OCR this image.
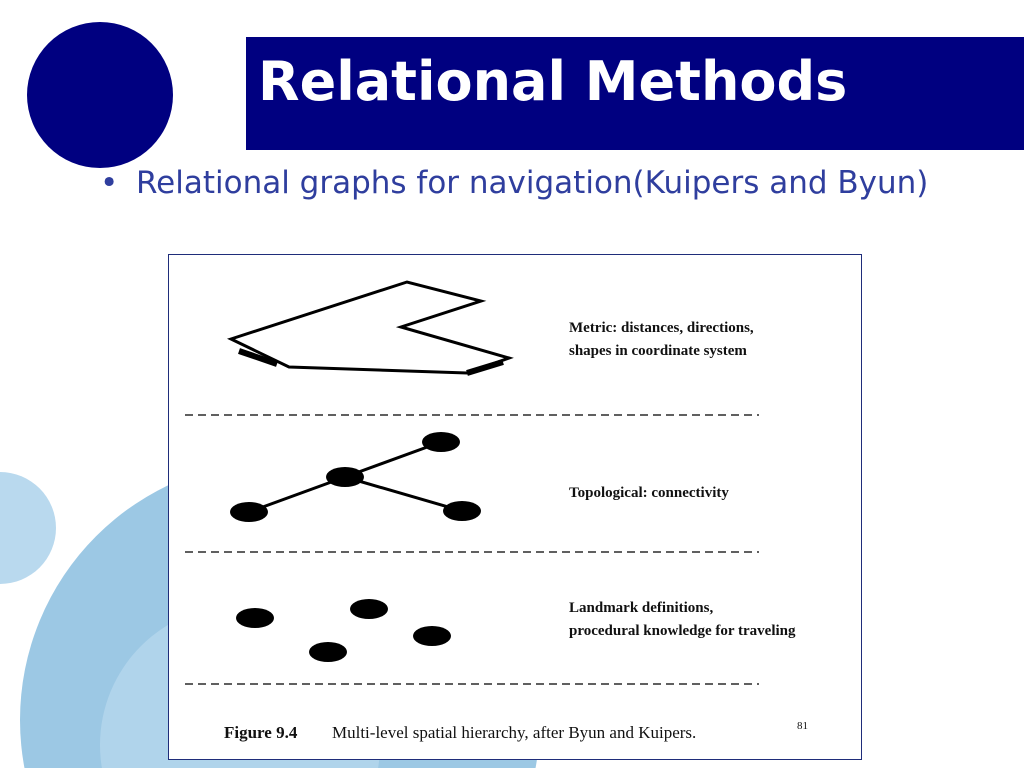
Relational Methods
• Relational graphs for navigation(Kuipers and Byun)
Metric: distances, directions,
shapes in coordinate system
Topological: connectivity
Landmark definitions,
procedural knowledge for traveling
Figure 9.4 Multi-level spatial hierarchy, after Byun and Kuipers.	81
